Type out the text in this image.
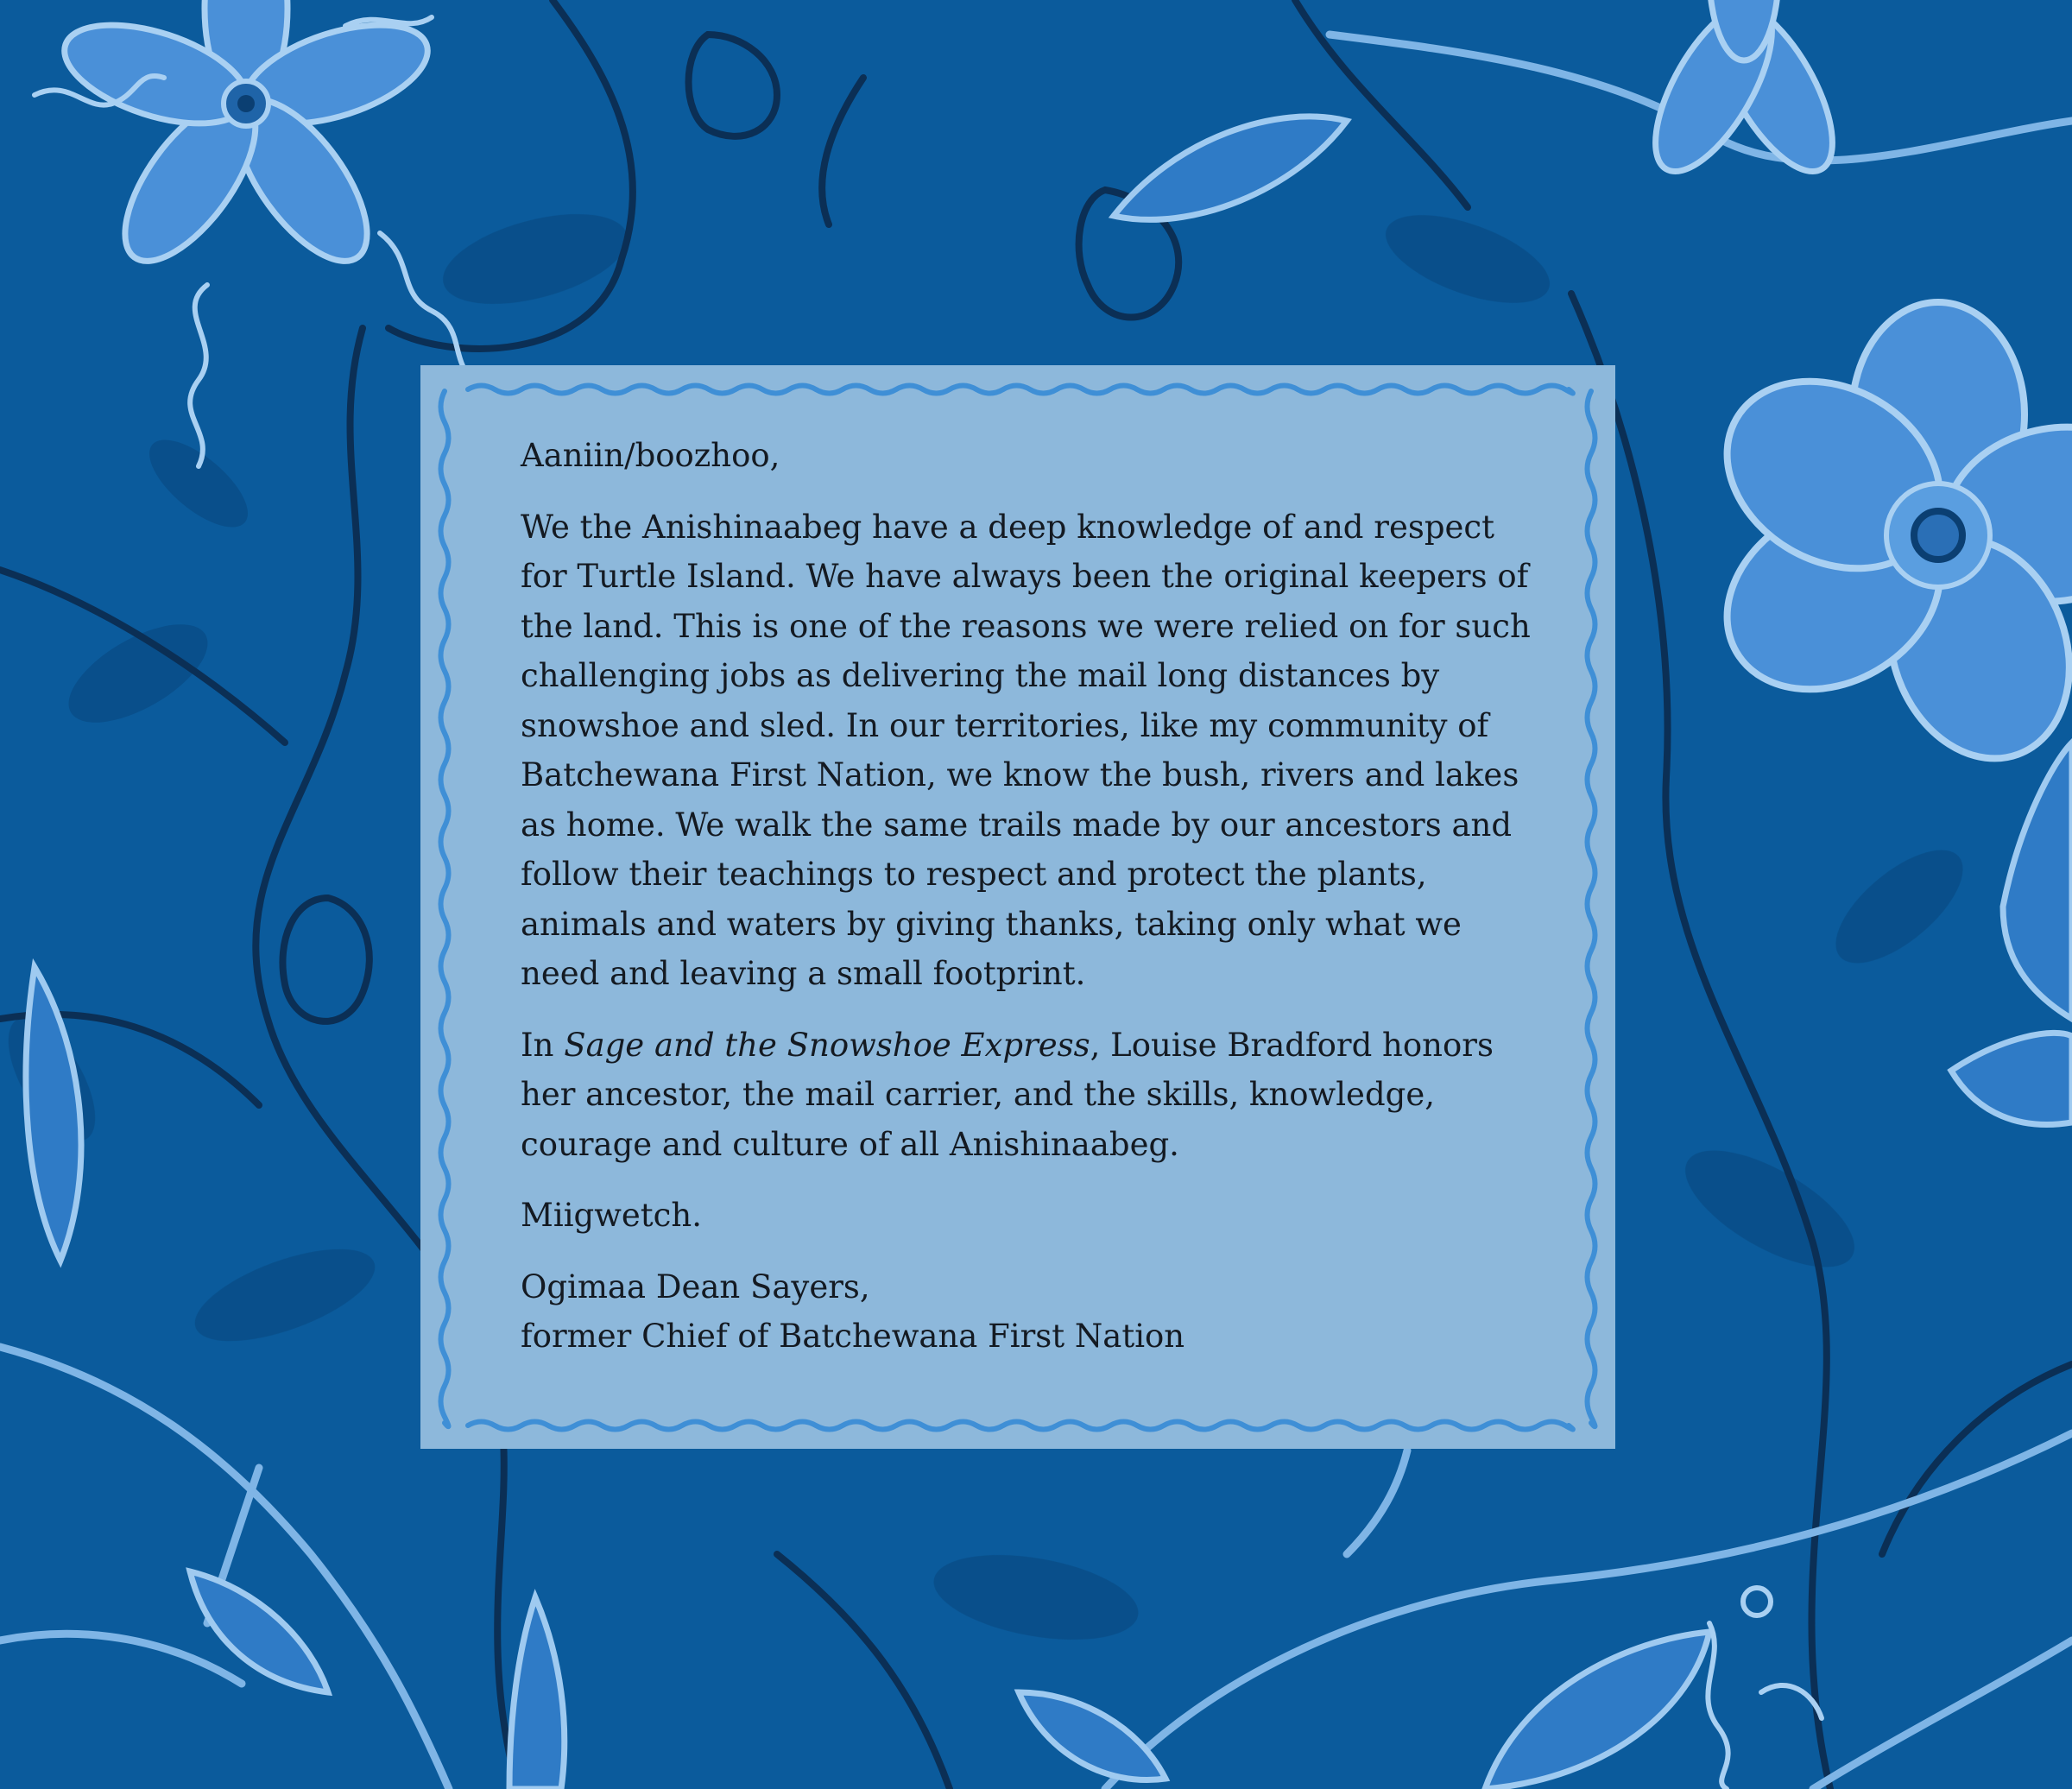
Aaniin/boozhoo,

We the Anishinaabeg have a deep knowledge of and respect for Turtle Island. We have always been the original keepers of the land. This is one of the reasons we were relied on for such challenging jobs as delivering the mail long distances by snowshoe and sled. In our territories, like my community of Batchewana First Nation, we know the bush, rivers and lakes as home. We walk the same trails made by our ancestors and follow their teachings to respect and protect the plants, animals and waters by giving thanks, taking only what we need and leaving a small footprint.

In Sage and the Snowshoe Express, Louise Bradford honors her ancestor, the mail carrier, and the skills, knowledge, courage and culture of all Anishinaabeg.

Miigwetch.

Ogimaa Dean Sayers,

former Chief of Batchewana First Nation
